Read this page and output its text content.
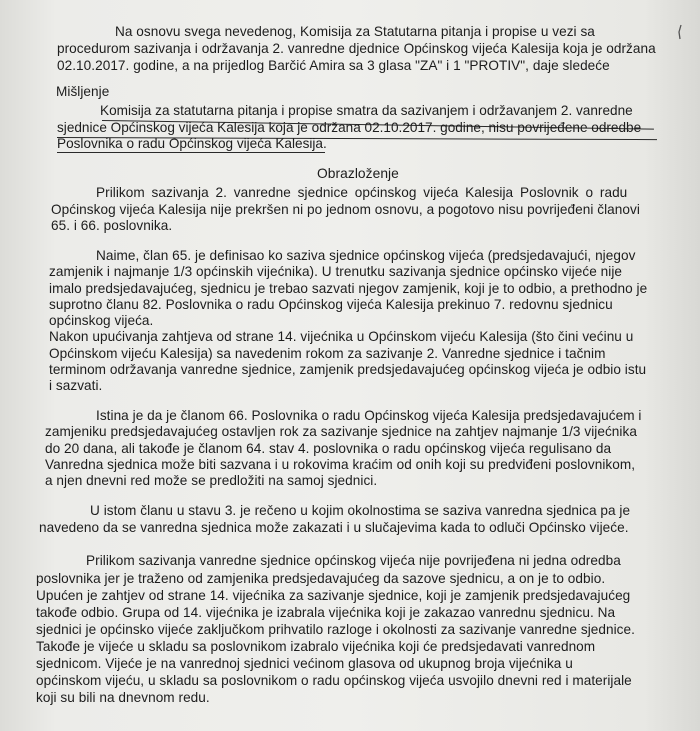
Na osnovu svega nevedenog, Komisija za Statutarna pitanja i propise u vezi sa
procedurom sazivanja i održavanja 2. vanredne djednice Općinskog vijeća Kalesija koja je održana
02.10.2017. godine, a na prijedlog Barčić Amira sa 3 glasa "ZA" i 1 "PROTIV", daje sledeće
Mišljenje
Komisija za statutarna pitanja i propise smatra da sazivanjem i održavanjem 2. vanredne
sjednice Općinskog vijeća Kalesija koja je održana 02.10.2017. godine, nisu povrijeđene odredbe
Poslovnika o radu Općinskog vijeća Kalesija.
Obrazloženje
Prilikom sazivanja 2. vanredne sjednice općinskog vijeća Kalesija Poslovnik o radu
Općinskog vijeća Kalesija nije prekršen ni po jednom osnovu, a pogotovo nisu povrijeđeni članovi
65. i 66. poslovnika.
Naime, član 65. je definisao ko saziva sjednice općinskog vijeća (predsjedavajući, njegov
zamjenik i najmanje 1/3 općinskih vijećnika). U trenutku sazivanja sjednice općinsko vijeće nije
imalo predsjedavajućeg, sjednicu je trebao sazvati njegov zamjenik, koji je to odbio, a prethodno je
suprotno članu 82. Poslovnika o radu Općinskog vijeća Kalesija prekinuo 7. redovnu sjednicu
općinskog vijeća.
Nakon upućivanja zahtjeva od strane 14. vijećnika u Općinskom vijeću Kalesija (što čini većinu u
Općinskom vijeću Kalesija) sa navedenim rokom za sazivanje 2. Vanredne sjednice i tačnim
terminom održavanja vanredne sjednice, zamjenik predsjedavajućeg općinskog vijeća je odbio istu
i sazvati.
Istina je da je članom 66. Poslovnika o radu Općinskog vijeća Kalesija predsjedavajućem i
zamjeniku predsjedavajućeg ostavljen rok za sazivanje sjednice na zahtjev najmanje 1/3 vijećnika
do 20 dana, ali takođe je članom 64. stav 4. poslovnika o radu općinskog vijeća regulisano da
Vanredna sjednica može biti sazvana i u rokovima kraćim od onih koji su predviđeni poslovnikom,
a njen dnevni red može se predložiti na samoj sjednici.
U istom članu u stavu 3. je rečeno u kojim okolnostima se saziva vanredna sjednica pa je
navedeno da se vanredna sjednica može zakazati i u slučajevima kada to odluči Općinsko vijeće.
Prilikom sazivanja vanredne sjednice općinskog vijeća nije povrijeđena ni jedna odredba
poslovnika jer je traženo od zamjenika predsjedavajućeg da sazove sjednicu, a on je to odbio.
Upućen je zahtjev od strane 14. vijećnika za sazivanje sjednice, koji je zamjenik predsjedavajućeg
takođe odbio. Grupa od 14. vijećnika je izabrala vijećnika koji je zakazao vanrednu sjednicu. Na
sjednici je općinsko vijeće zaključkom prihvatilo razloge i okolnosti za sazivanje vanredne sjednice.
Takođe je vijeće u skladu sa poslovnikom izabralo vijećnika koji će predsjedavati vanrednom
sjednicom. Vijeće je na vanrednoj sjednici većinom glasova od ukupnog broja vijećnika u
općinskom vijeću, u skladu sa poslovnikom o radu općinskog vijeća usvojilo dnevni red i materijale
koji su bili na dnevnom redu.
